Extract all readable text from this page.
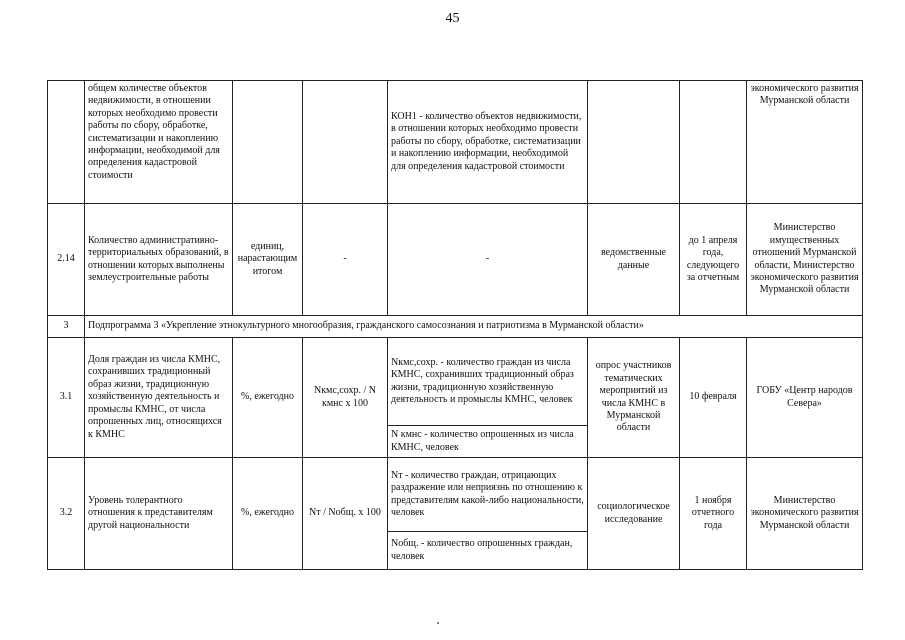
45
	общем количестве объектов недвижимости, в отношении которых необходимо провести работы по сбору, обработке, систематизации и накоплению информации, необходимой для определения кадастровой стоимости			КОН1 - количество объектов недвижимости, в отношении которых необходимо провести работы по сбору, обработке, систематизации и накоплению информации, необходимой для определения кадастровой стоимости			экономического развития Мурманской области
2.14	Количество административно-территориальных образований, в отношении которых выполнены землеустроительные работы	единиц, нарастающим итогом	-	-	ведомственные данные	до 1 апреля года, следующего за отчетным	Министерство имущественных отношений Мурманской области, Министерство экономического развития Мурманской области
3	Подпрограмма 3 «Укрепление этнокультурного многообразия, гражданского самосознания и патриотизма в Мурманской области»						
3.1	Доля граждан из числа КМНС, сохранивших традиционный образ жизни, традиционную хозяйственную деятельность и промыслы КМНС, от числа опрошенных лиц, относящихся к КМНС	%, ежегодно	Nкмс,сохр. / N кмнс х 100	Nкмс,сохр. - количество граждан из числа КМНС, сохранивших традиционный образ жизни, традиционную хозяйственную деятельность и промыслы КМНС, человек	опрос участников тематических мероприятий из числа КМНС в Мурманской области	10 февраля	ГОБУ «Центр народов Севера»
				N кмнс - количество опрошенных из числа КМНС, человек			
3.2	Уровень толерантного отношения к представителям другой национальности	%, ежегодно	Nт / Nобщ. х 100	Nт - количество граждан, отрицающих раздражение или неприязнь по отношению к представителям какой-либо национальности, человек	социологическое исследование	1 ноября отчетного года	Министерство экономического развития Мурманской области
				Nобщ. - количество опрошенных граждан, человек			
